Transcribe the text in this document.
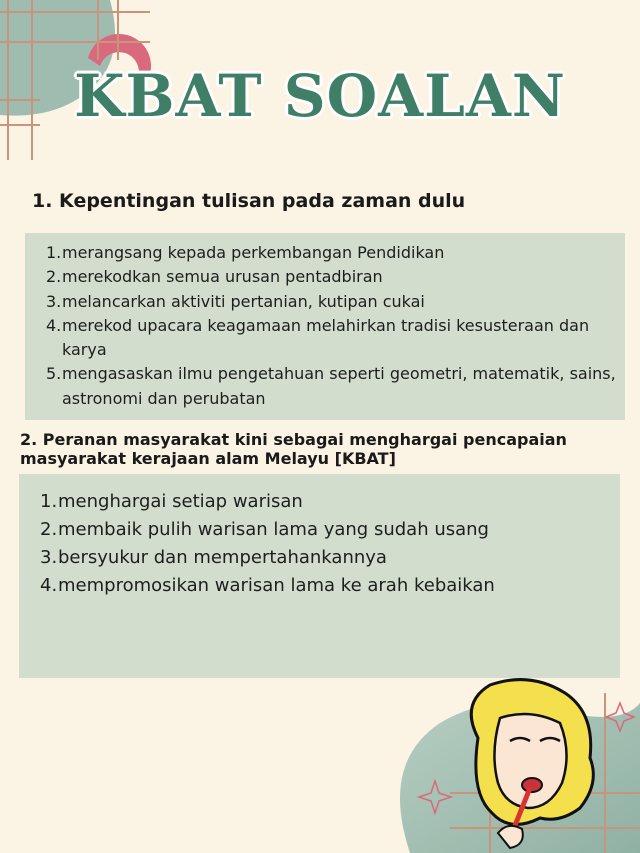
KBAT SOALAN
1. Kepentingan tulisan pada zaman dulu
1. merangsang kepada perkembangan Pendidikan
2. merekodkan semua urusan pentadbiran
3. melancarkan aktiviti pertanian, kutipan cukai
4. merekod upacara keagamaan melahirkan tradisi kesusteraan dan karya
5. mengasaskan ilmu pengetahuan seperti geometri, matematik, sains, astronomi dan perubatan
2. Peranan masyarakat kini sebagai menghargai pencapaian masyarakat kerajaan alam Melayu [KBAT]
1. menghargai setiap warisan
2. membaik pulih warisan lama yang sudah usang
3. bersyukur dan mempertahankannya
4. mempromosikan warisan lama ke arah kebaikan
